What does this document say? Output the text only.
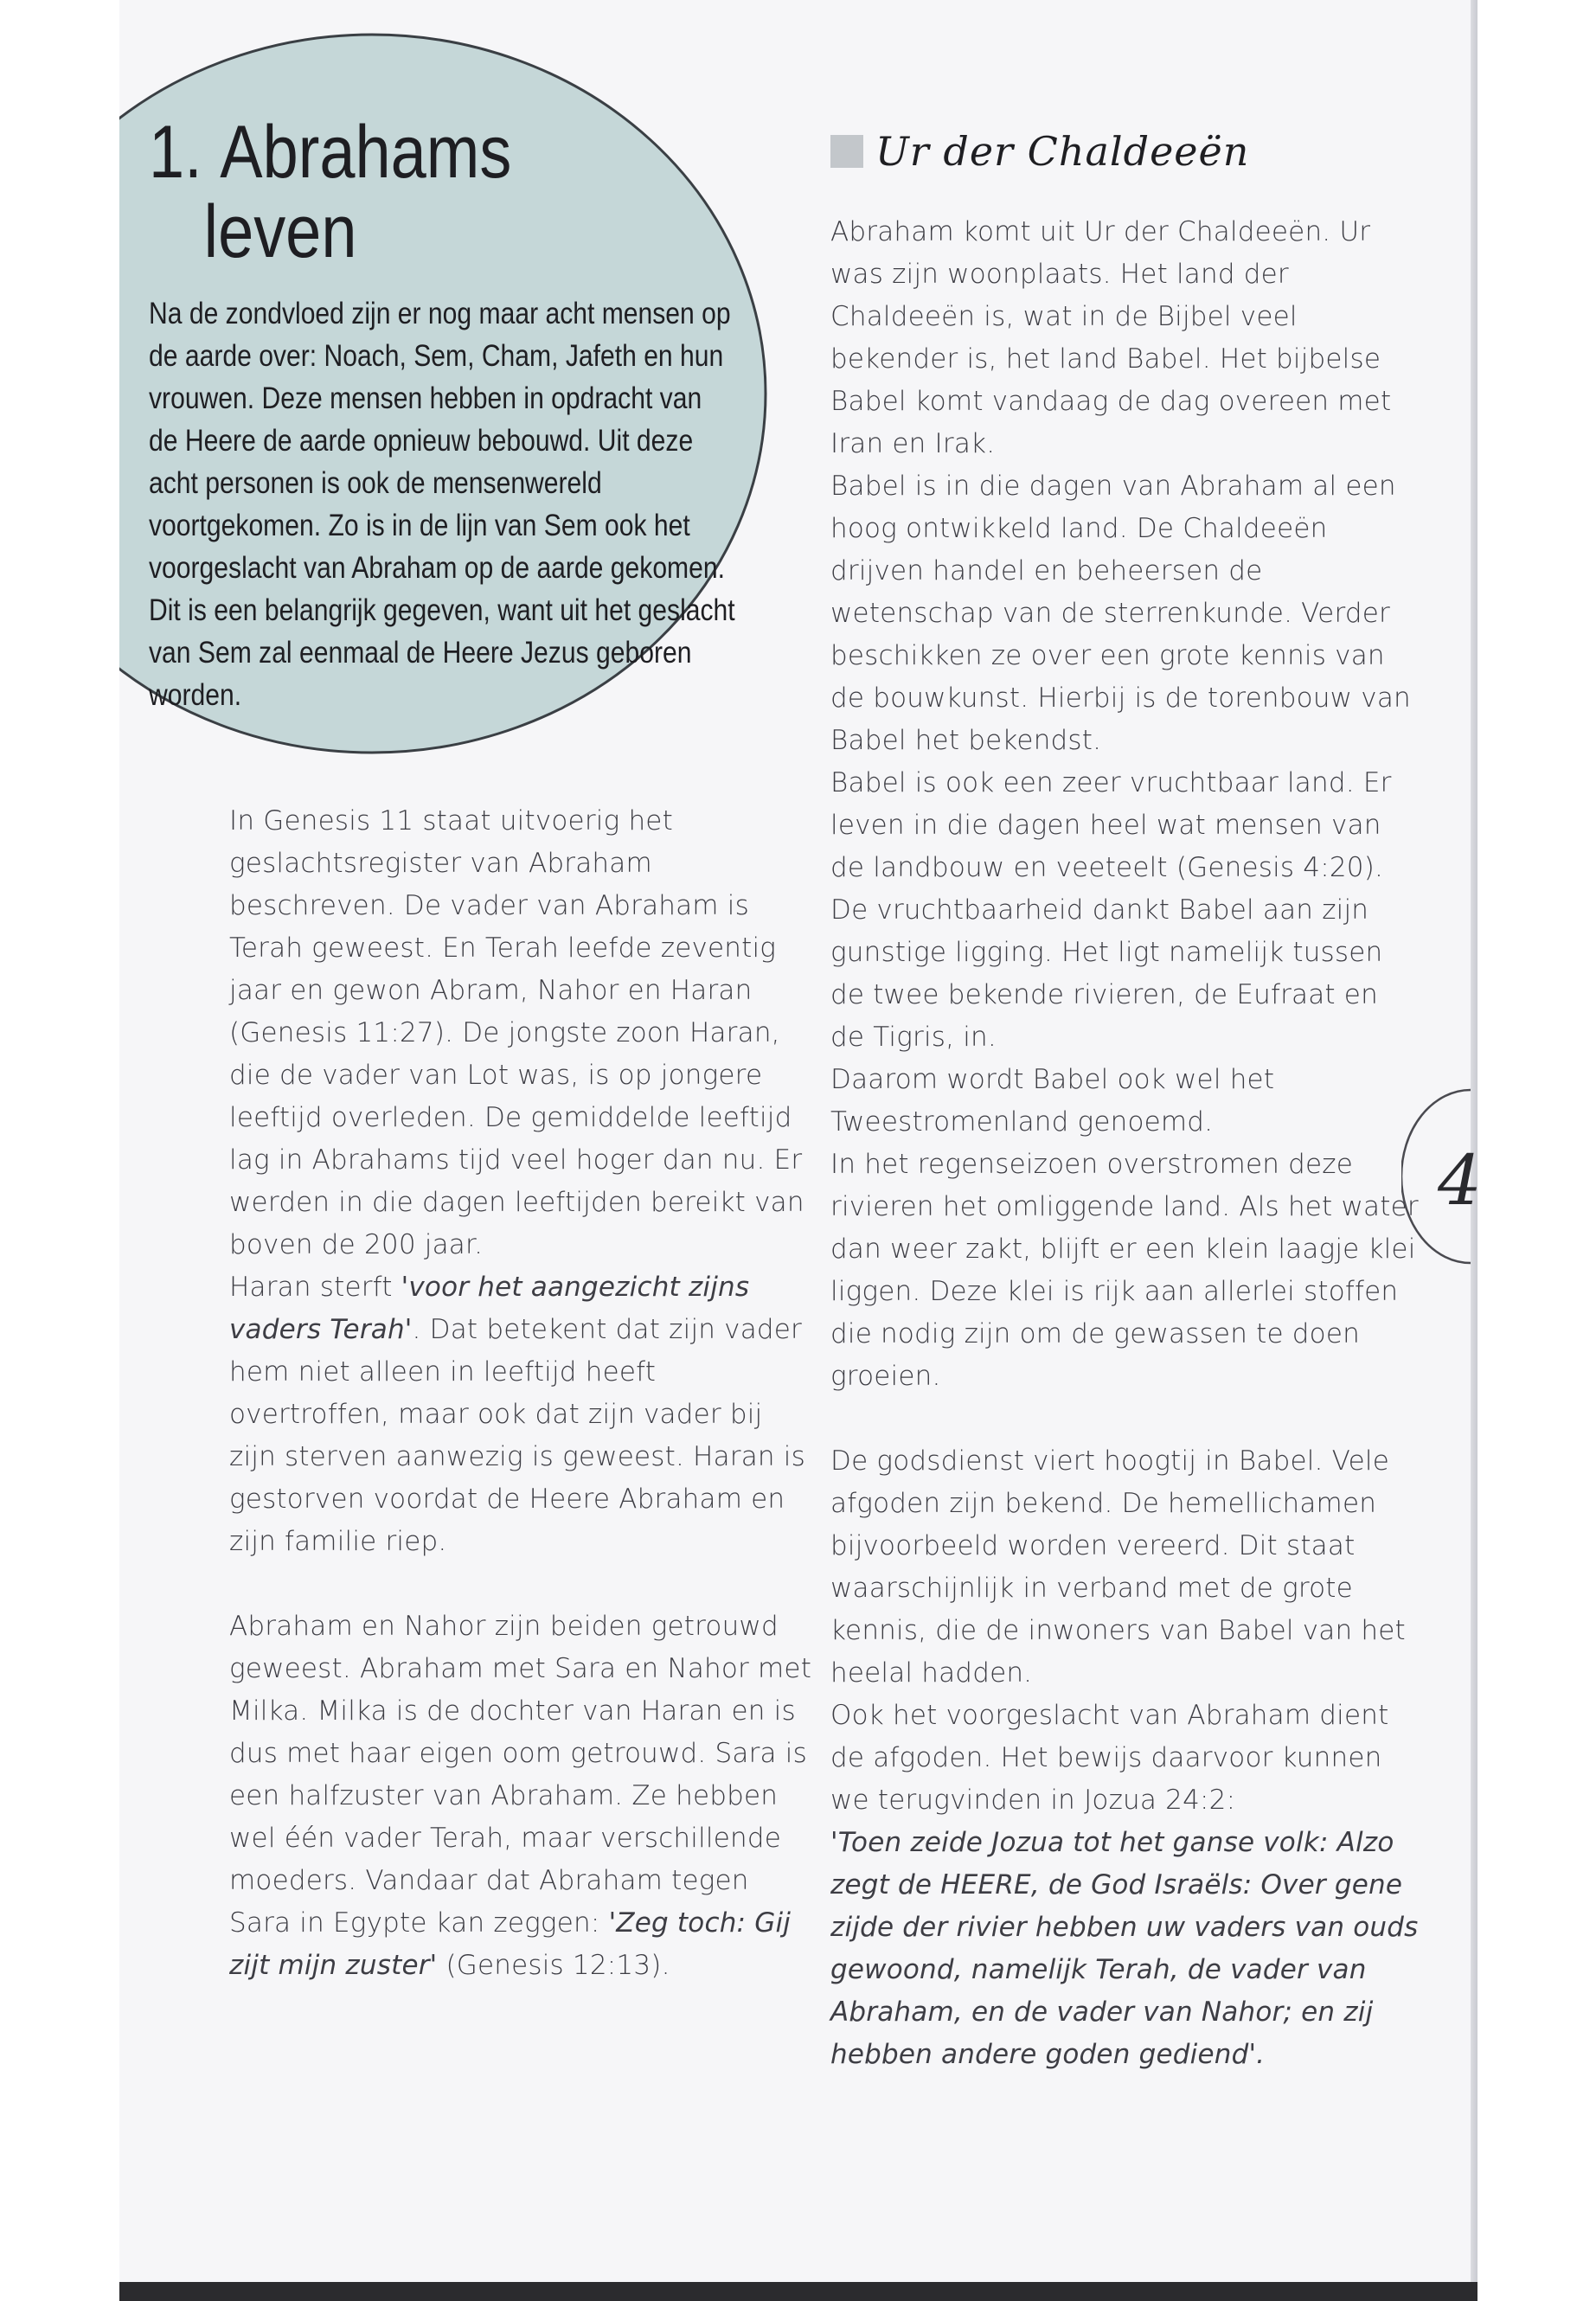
1. Abrahams
leven

Na de zondvloed zijn er nog maar acht mensen op de aarde over: Noach, Sem, Cham, Jafeth en hun vrouwen. Deze mensen hebben in opdracht van de Heere de aarde opnieuw bebouwd. Uit deze acht personen is ook de mensenwereld voortgekomen. Zo is in de lijn van Sem ook het voorgeslacht van Abraham op de aarde gekomen. Dit is een belangrijk gegeven, want uit het geslacht van Sem zal eenmaal de Heere Jezus geboren worden.

In Genesis 11 staat uitvoerig het geslachtsregister van Abraham beschreven. De vader van Abraham is Terah geweest. En Terah leefde zeventig jaar en gewon Abram, Nahor en Haran (Genesis 11:27). De jongste zoon Haran, die de vader van Lot was, is op jongere leeftijd overleden. De gemiddelde leeftijd lag in Abrahams tijd veel hoger dan nu. Er werden in die dagen leeftijden bereikt van boven de 200 jaar.
Haran sterft 'voor het aangezicht zijns vaders Terah'. Dat betekent dat zijn vader hem niet alleen in leeftijd heeft overtroffen, maar ook dat zijn vader bij zijn sterven aanwezig is geweest. Haran is gestorven voordat de Heere Abraham en zijn familie riep.

Abraham en Nahor zijn beiden getrouwd geweest. Abraham met Sara en Nahor met Milka. Milka is de dochter van Haran en is dus met haar eigen oom getrouwd. Sara is een halfzuster van Abraham. Ze hebben wel één vader Terah, maar verschillende moeders. Vandaar dat Abraham tegen Sara in Egypte kan zeggen: 'Zeg toch: Gij zijt mijn zuster' (Genesis 12:13).

Ur der Chaldeeën

Abraham komt uit Ur der Chaldeeën. Ur was zijn woonplaats. Het land der Chaldeeën is, wat in de Bijbel veel bekender is, het land Babel. Het bijbelse Babel komt vandaag de dag overeen met Iran en Irak.
Babel is in die dagen van Abraham al een hoog ontwikkeld land. De Chaldeeën drijven handel en beheersen de wetenschap van de sterrenkunde. Verder beschikken ze over een grote kennis van de bouwkunst. Hierbij is de torenbouw van Babel het bekendst.
Babel is ook een zeer vruchtbaar land. Er leven in die dagen heel wat mensen van de landbouw en veeteelt (Genesis 4:20). De vruchtbaarheid dankt Babel aan zijn gunstige ligging. Het ligt namelijk tussen de twee bekende rivieren, de Eufraat en de Tigris, in.
Daarom wordt Babel ook wel het Tweestromenland genoemd.
In het regenseizoen overstromen deze rivieren het omliggende land. Als het water dan weer zakt, blijft er een klein laagje klei liggen. Deze klei is rijk aan allerlei stoffen die nodig zijn om de gewassen te doen groeien.

De godsdienst viert hoogtij in Babel. Vele afgoden zijn bekend. De hemellichamen bijvoorbeeld worden vereerd. Dit staat waarschijnlijk in verband met de grote kennis, die de inwoners van Babel van het heelal hadden.
Ook het voorgeslacht van Abraham dient de afgoden. Het bewijs daarvoor kunnen we terugvinden in Jozua 24:2:
'Toen zeide Jozua tot het ganse volk: Alzo zegt de HEERE, de God Israëls: Over gene zijde der rivier hebben uw vaders van ouds gewoond, namelijk Terah, de vader van Abraham, en de vader van Nahor; en zij hebben andere goden gediend'.

4
